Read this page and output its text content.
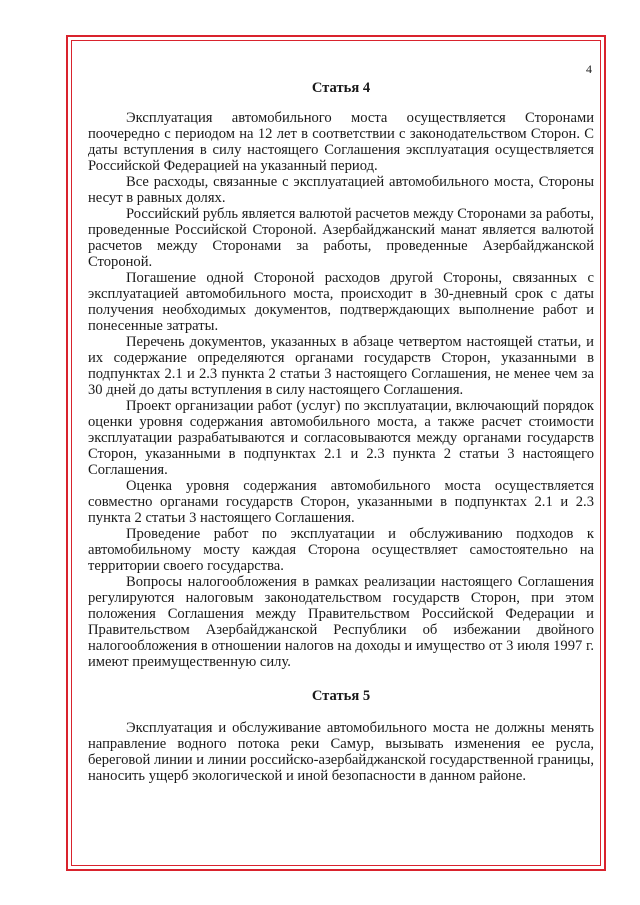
4
Статья 4

Эксплуатация автомобильного моста осуществляется Сторонами поочередно с периодом на 12 лет в соответствии с законодательством Сторон. С даты вступления в силу настоящего Соглашения эксплуатация осуществляется Российской Федерацией на указанный период.

Все расходы, связанные с эксплуатацией автомобильного моста, Стороны несут в равных долях.

Российский рубль является валютой расчетов между Сторонами за работы, проведенные Российской Стороной. Азербайджанский манат является валютой расчетов между Сторонами за работы, проведенные Азербайджанской Стороной.

Погашение одной Стороной расходов другой Стороны, связанных с эксплуатацией автомобильного моста, происходит в 30-дневный срок с даты получения необходимых документов, подтверждающих выполнение работ и понесенные затраты.

Перечень документов, указанных в абзаце четвертом настоящей статьи, и их содержание определяются органами государств Сторон, указанными в подпунктах 2.1 и 2.3 пункта 2 статьи 3 настоящего Соглашения, не менее чем за 30 дней до даты вступления в силу настоящего Соглашения.

Проект организации работ (услуг) по эксплуатации, включающий порядок оценки уровня содержания автомобильного моста, а также расчет стоимости эксплуатации разрабатываются и согласовываются между органами государств Сторон, указанными в подпунктах 2.1 и 2.3 пункта 2 статьи 3 настоящего Соглашения.

Оценка уровня содержания автомобильного моста осуществляется совместно органами государств Сторон, указанными в подпунктах 2.1 и 2.3 пункта 2 статьи 3 настоящего Соглашения.

Проведение работ по эксплуатации и обслуживанию подходов к автомобильному мосту каждая Сторона осуществляет самостоятельно на территории своего государства.

Вопросы налогообложения в рамках реализации настоящего Соглашения регулируются налоговым законодательством государств Сторон, при этом положения Соглашения между Правительством Российской Федерации и Правительством Азербайджанской Республики об избежании двойного налогообложения в отношении налогов на доходы и имущество от 3 июля 1997 г. имеют преимущественную силу.

Статья 5

Эксплуатация и обслуживание автомобильного моста не должны менять направление водного потока реки Самур, вызывать изменения ее русла, береговой линии и линии российско-азербайджанской государственной границы, наносить ущерб экологической и иной безопасности в данном районе.
